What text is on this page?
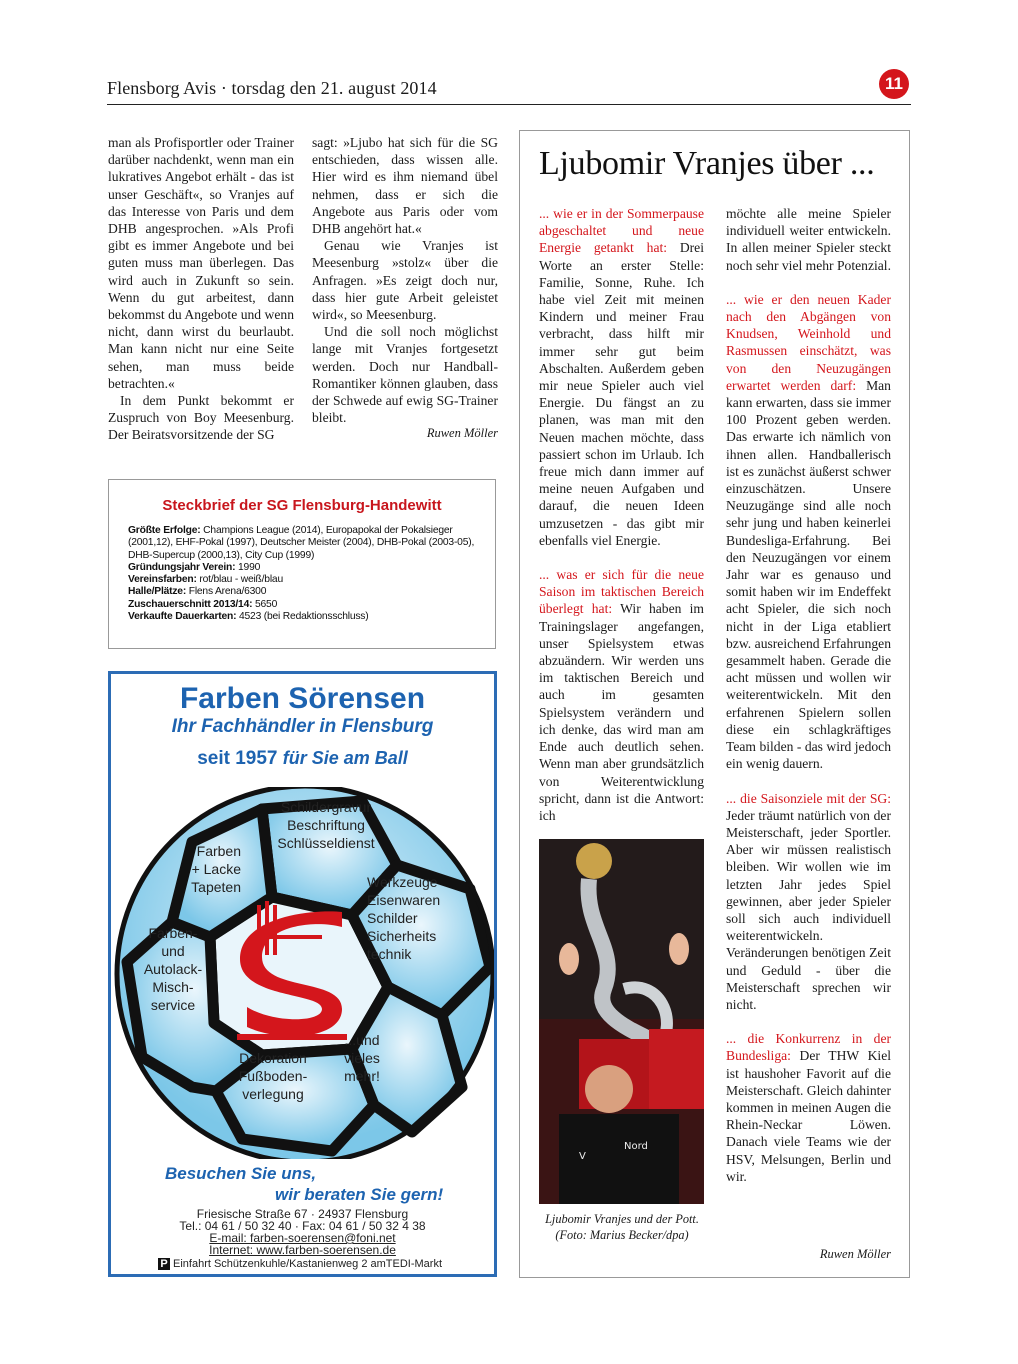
Flensborg Avis · torsdag den 21. august 2014	11

man als Profisportler oder Trainer darüber nachdenkt, wenn man ein lukratives Angebot erhält - das ist unser Geschäft«, so Vranjes auf das Interesse von Paris und dem DHB angesprochen. »Als Profi gibt es immer Angebote und bei guten muss man überlegen. Das wird auch in Zukunft so sein. Wenn du gut arbeitest, dann bekommst du Angebote und wenn nicht, dann wirst du beurlaubt. Man kann nicht nur eine Seite sehen, man muss beide betrachten.«

In dem Punkt bekommt er Zuspruch von Boy Meesenburg. Der Beiratsvorsitzende der SG

sagt: »Ljubo hat sich für die SG entschieden, dass wissen alle. Hier wird es ihm niemand übel nehmen, dass er sich die Angebote aus Paris oder vom DHB angehört hat.«

Genau wie Vranjes ist Meesenburg »stolz« über die Anfragen. »Es zeigt doch nur, dass hier gute Arbeit geleistet wird«, so Meesenburg.

Und die soll noch möglichst lange mit Vranjes fortgesetzt werden. Doch nur Handball-Romantiker können glauben, dass der Schwede auf ewig SG-Trainer bleibt.

Ruwen Möller
Steckbrief der SG Flensburg-Handewitt
Größte Erfolge: Champions League (2014), Europapokal der Pokalsieger (2001,12), EHF-Pokal (1997), Deutscher Meister (2004), DHB-Pokal (2003-05), DHB-Supercup (2000,13), City Cup (1999)
Gründungsjahr Verein: 1990
Vereinsfarben: rot/blau - weiß/blau
Halle/Plätze: Flens Arena/6300
Zuschauerschnitt 2013/14: 5650
Verkaufte Dauerkarten: 4523 (bei Redaktionsschluss)
Farben Sörensen
Ihr Fachhändler in Flensburg
seit 1957 für Sie am Ball
Schildergravur
Beschriftung
Schlüsseldienst
Farben
+ Lacke
Tapeten	Werkzeuge
Eisenwaren
Schilder
Sicherheits
technik
Farben-
und
Autolack-
Misch-
service
Dekoration
Fußboden-
verlegung
...und
vieles
mehr!
Besuchen Sie uns,
wir beraten Sie gern!
Friesische Straße 67 · 24937 Flensburg
Tel.: 04 61 / 50 32 40 · Fax: 04 61 / 50 32 4 38
E-mail: farben-soerensen@foni.net
Internet: www.farben-soerensen.de
P Einfahrt Schützenkuhle/Kastanienweg 2 amTEDI-Markt
Ljubomir Vranjes über ...

... wie er in der Sommerpause abgeschaltet und neue Energie getankt hat: Drei Worte an erster Stelle: Familie, Sonne, Ruhe. Ich habe viel Zeit mit meinen Kindern und meiner Frau verbracht, dass hilft mir immer sehr gut beim Abschalten. Außerdem geben mir neue Spieler auch viel Energie. Du fängst an zu planen, was man mit den Neuen machen möchte, dass passiert schon im Urlaub. Ich freue mich dann immer auf meine neuen Aufgaben und darauf, die neuen Ideen umzusetzen - das gibt mir ebenfalls viel Energie.

... was er sich für die neue Saison im taktischen Bereich überlegt hat: Wir haben im Trainingslager angefangen, unser Spielsystem etwas abzuändern. Wir werden uns im taktischen Bereich und auch im gesamten Spielsystem verändern und ich denke, das wird man am Ende auch deutlich sehen. Wenn man aber grundsätzlich von Weiterentwicklung spricht, dann ist die Antwort: ich

V
Nord
Ljubomir Vranjes und der Pott.
(Foto: Marius Becker/dpa)

möchte alle meine Spieler individuell weiter entwickeln. In allen meiner Spieler steckt noch sehr viel mehr Potenzial.

... wie er den neuen Kader nach den Abgängen von Knudsen, Weinhold und Rasmussen einschätzt, was von den Neuzugängen erwartet werden darf: Man kann erwarten, dass sie immer 100 Prozent geben werden. Das erwarte ich nämlich von ihnen allen. Handballerisch ist es zunächst äußerst schwer einzuschätzen. Unsere Neuzugänge sind alle noch sehr jung und haben keinerlei Bundesliga-Erfahrung. Bei den Neuzugängen vor einem Jahr war es genauso und somit haben wir im Endeffekt acht Spieler, die sich noch nicht in der Liga etabliert bzw. ausreichend Erfahrungen gesammelt haben. Gerade die acht müssen und wollen wir weiterentwickeln. Mit den erfahrenen Spielern sollen diese ein schlagkräftiges Team bilden - das wird jedoch ein wenig dauern.

... die Saisonziele mit der SG: Jeder träumt natürlich von der Meisterschaft, jeder Sportler. Aber wir müssen realistisch bleiben. Wir wollen wie im letzten Jahr jedes Spiel gewinnen, aber jeder Spieler soll sich auch individuell weiterentwickeln. Veränderungen benötigen Zeit und Geduld - über die Meisterschaft sprechen wir nicht.

... die Konkurrenz in der Bundesliga: Der THW Kiel ist haushoher Favorit auf die Meisterschaft. Gleich dahinter kommen in meinen Augen die Rhein-Neckar Löwen. Danach viele Teams wie der HSV, Melsungen, Berlin und wir.

Ruwen Möller
